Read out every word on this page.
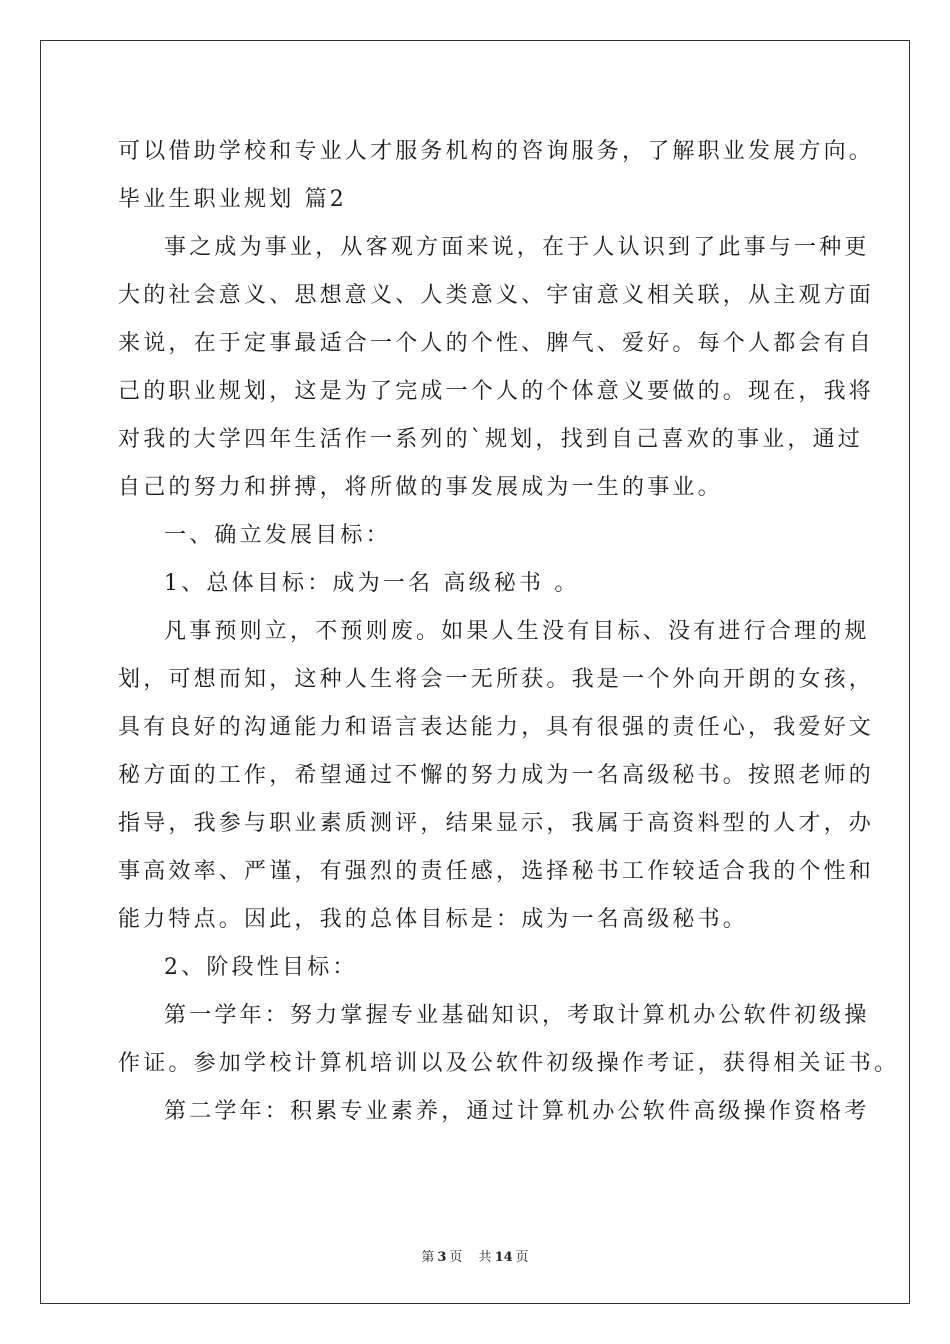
可以借助学校和专业人才服务机构的咨询服务，了解职业发展方向。
毕业生职业规划 篇2
事之成为事业，从客观方面来说，在于人认识到了此事与一种更
大的社会意义、思想意义、人类意义、宇宙意义相关联，从主观方面
来说，在于定事最适合一个人的个性、脾气、爱好。每个人都会有自
己的职业规划，这是为了完成一个人的个体意义要做的。现在，我将
对我的大学四年生活作一系列的`规划，找到自己喜欢的事业，通过
自己的努力和拼搏，将所做的事发展成为一生的事业。
一、确立发展目标：
1、总体目标：成为一名 高级秘书 。
凡事预则立，不预则废。如果人生没有目标、没有进行合理的规
划，可想而知，这种人生将会一无所获。我是一个外向开朗的女孩，
具有良好的沟通能力和语言表达能力，具有很强的责任心，我爱好文
秘方面的工作，希望通过不懈的努力成为一名高级秘书。按照老师的
指导，我参与职业素质测评，结果显示，我属于高资料型的人才，办
事高效率、严谨，有强烈的责任感，选择秘书工作较适合我的个性和
能力特点。因此，我的总体目标是：成为一名高级秘书。
2、阶段性目标：
第一学年：努力掌握专业基础知识，考取计算机办公软件初级操
作证。参加学校计算机培训以及公软件初级操作考证，获得相关证书。
第二学年：积累专业素养，通过计算机办公软件高级操作资格考
第 3 页 共 14 页
